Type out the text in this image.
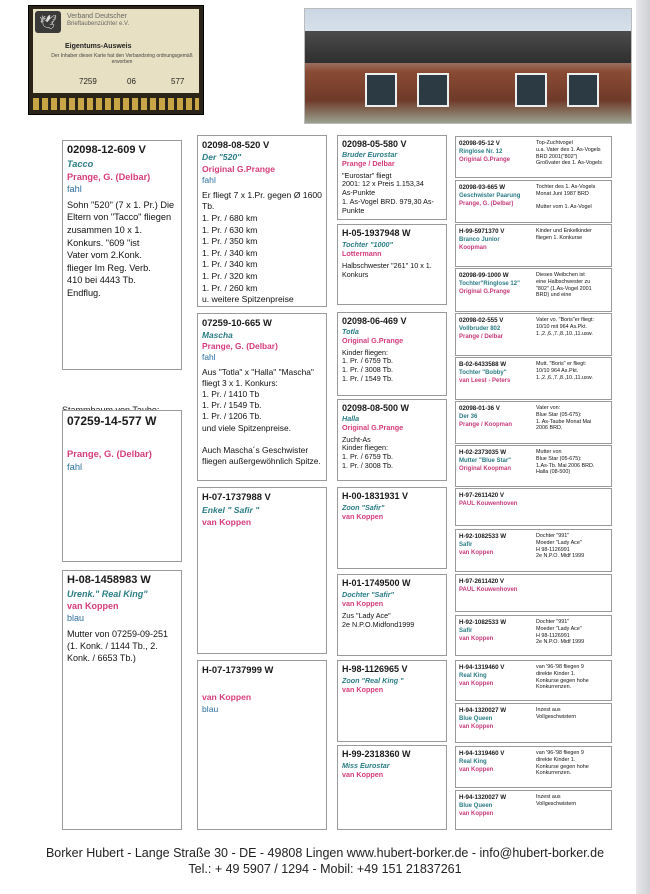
🕊	Verband Deutscher
Brieftaubenzüchter e.V.
Eigentums-Ausweis
Der Inhaber dieser Karte hat den Verbandsring ordnungsgemäß erworben
7259	06	577
02098-12-609 V
Tacco
Prange, G. (Delbar)
fahl
Sohn "520" (7 x 1. Pr.) Die
Eltern von "Tacco" fliegen
zusammen 10 x 1.
Konkurs. "609 "ist
Vater vom 2.Konk.
flieger Im Reg. Verb.
410 bei 4443 Tb.
Endflug.
07259-14-577 W
Prange, G. (Delbar)
fahl
H-08-1458983 W
Urenk." Real King"
van Koppen
blau
Mutter von 07259-09-251
(1. Konk. / 1144 Tb., 2.
Konk. / 6653 Tb.)
02098-08-520 V
Der "520"
Original G.Prange
fahl
Er fliegt 7 x 1.Pr. gegen Ø 1600
Tb.
1. Pr. / 680 km
1. Pr. / 630 km
1. Pr. / 350 km
1. Pr. / 340 km
1. Pr. / 340 km
1. Pr. / 320 km
1. Pr. / 260 km
u. weitere Spitzenpreise
07259-10-665 W
Mascha
Prange, G. (Delbar)
fahl
Aus "Totla" x "Halla" "Mascha"
fliegt 3 x 1. Konkurs:
1. Pr. / 1410 Tb
1. Pr. / 1549 Tb.
1. Pr. / 1206 Tb.
und viele Spitzenpreise.

Auch Mascha´s Geschwister
fliegen außergewöhnlich Spitze.
H-07-1737988 V
Enkel " Safir "
van Koppen
H-07-1737999 W
van Koppen
blau
02098-05-580 V
Bruder Eurostar
Prange / Delbar
"Eurostar" fliegt
2001: 12 x Preis 1.153,34
As-Punkte
1. As-Vogel BRD. 979,30 As-Punkte
H-05-1937948 W
Tochter "1000"
Lottermann
Halbschwester "261" 10 x 1.
Konkurs
02098-06-469 V
Totla
Original G.Prange
Kinder fliegen:
1. Pr. / 6759 Tb.
1. Pr. / 3008 Tb.
1. Pr. / 1549 Tb.
02098-08-500 W
Halla
Original G.Prange
Zucht-As
Kinder fliegen:
1. Pr. / 6759 Tb.
1. Pr. / 3008 Tb.
H-00-1831931 V
Zoon "Safir"
van Koppen
H-01-1749500 W
Dochter "Safir"
van Koppen
Zus "Lady Ace"
2e N.P.O.Midfond1999
H-98-1126965 V
Zoon "Real King "
van Koppen
H-99-2318360 W
Miss Eurostar
van Koppen
02098-95-12 V
Ringlose Nr. 12
Original G.Prange
Top-Zuchtvogel
u.a. Vater des 1. As-Vogels
BRD 2001("802")
Großvater des 1. As-Vogels
02098-93-665 W
Geschwister Paarung
Prange, G. (Delbar)
Tochter des 1. As-Vogels
Monat Juni 1987 BRD

Mutter vom 1. As-Vogel
H-99-5971370 V
Branco Junior
Koopman
Kinder und Enkelkinder
fliegen 1. Konkurse
02098-99-1000 W
Tochter"Ringlose 12"
Original G.Prange
Dieses Weibchen ist
eine Halbschwester zu
"802" (1.As-Vogel 2001
BRD) und eine
02098-02-555 V
Vollbruder 802
Prange / Delbar
Vater vo. "Boris"er fliegt:
10/10 mit 964 As.Pkt.
1.,2.,6.,7.,8.,10.,11.usw.
B-02-6433588 W
Tochter "Bobby"
van Leest - Peters
Mutt. "Boris" er fliegt:
10/10 964 As.Pkt.
1.,2.,6.,7.,8.,10.,11.usw.
02098-01-36 V
Der 36
Prange / Koopman
Vater von:
Blue Star (05-675):
1. As-Taube Monat Mai
2006 BRD.
H-02-2373035 W
Mutter "Blue Star"
Original Koopman
Mutter von
Blue Star (05-675):
1.As-Tb. Mai 2006 BRD.
Halla (08-500)
H-97-2611420 V
PAUL Kouwenhoven
H-92-1082533 W
Safir
van Koppen
Dochter "991"
Moeder "Lady Ace"
H 98-1126991
2e N.P.O. Midf 1999
H-97-2611420 V
PAUL Kouwenhoven
H-92-1082533 W
Safir
van Koppen
Dochter "991"
Moeder "Lady Ace"
H 98-1126991
2e N.P.O. Midf 1999
H-94-1319460 V
Real King
van Koppen
van '96-'98 fliegen 9
direkte Kinder 1.
Konkurse gegen hohe
Konkurrenzen.
H-94-1320027 W
Blue Queen
van Koppen
Inzest aus
Vollgeschwistern
H-94-1319460 V
Real King
van Koppen
van '96-'98 fliegen 9
direkte Kinder 1.
Konkurse gegen hohe
Konkurrenzen.
H-94-1320027 W
Blue Queen
van Koppen
Inzest aus
Vollgeschwistern
Borker Hubert - Lange Straße 30 - DE - 49808 Lingen www.hubert-borker.de - info@hubert-borker.de
Tel.: + 49 5907 / 1294 - Mobil: +49 151 21837261
